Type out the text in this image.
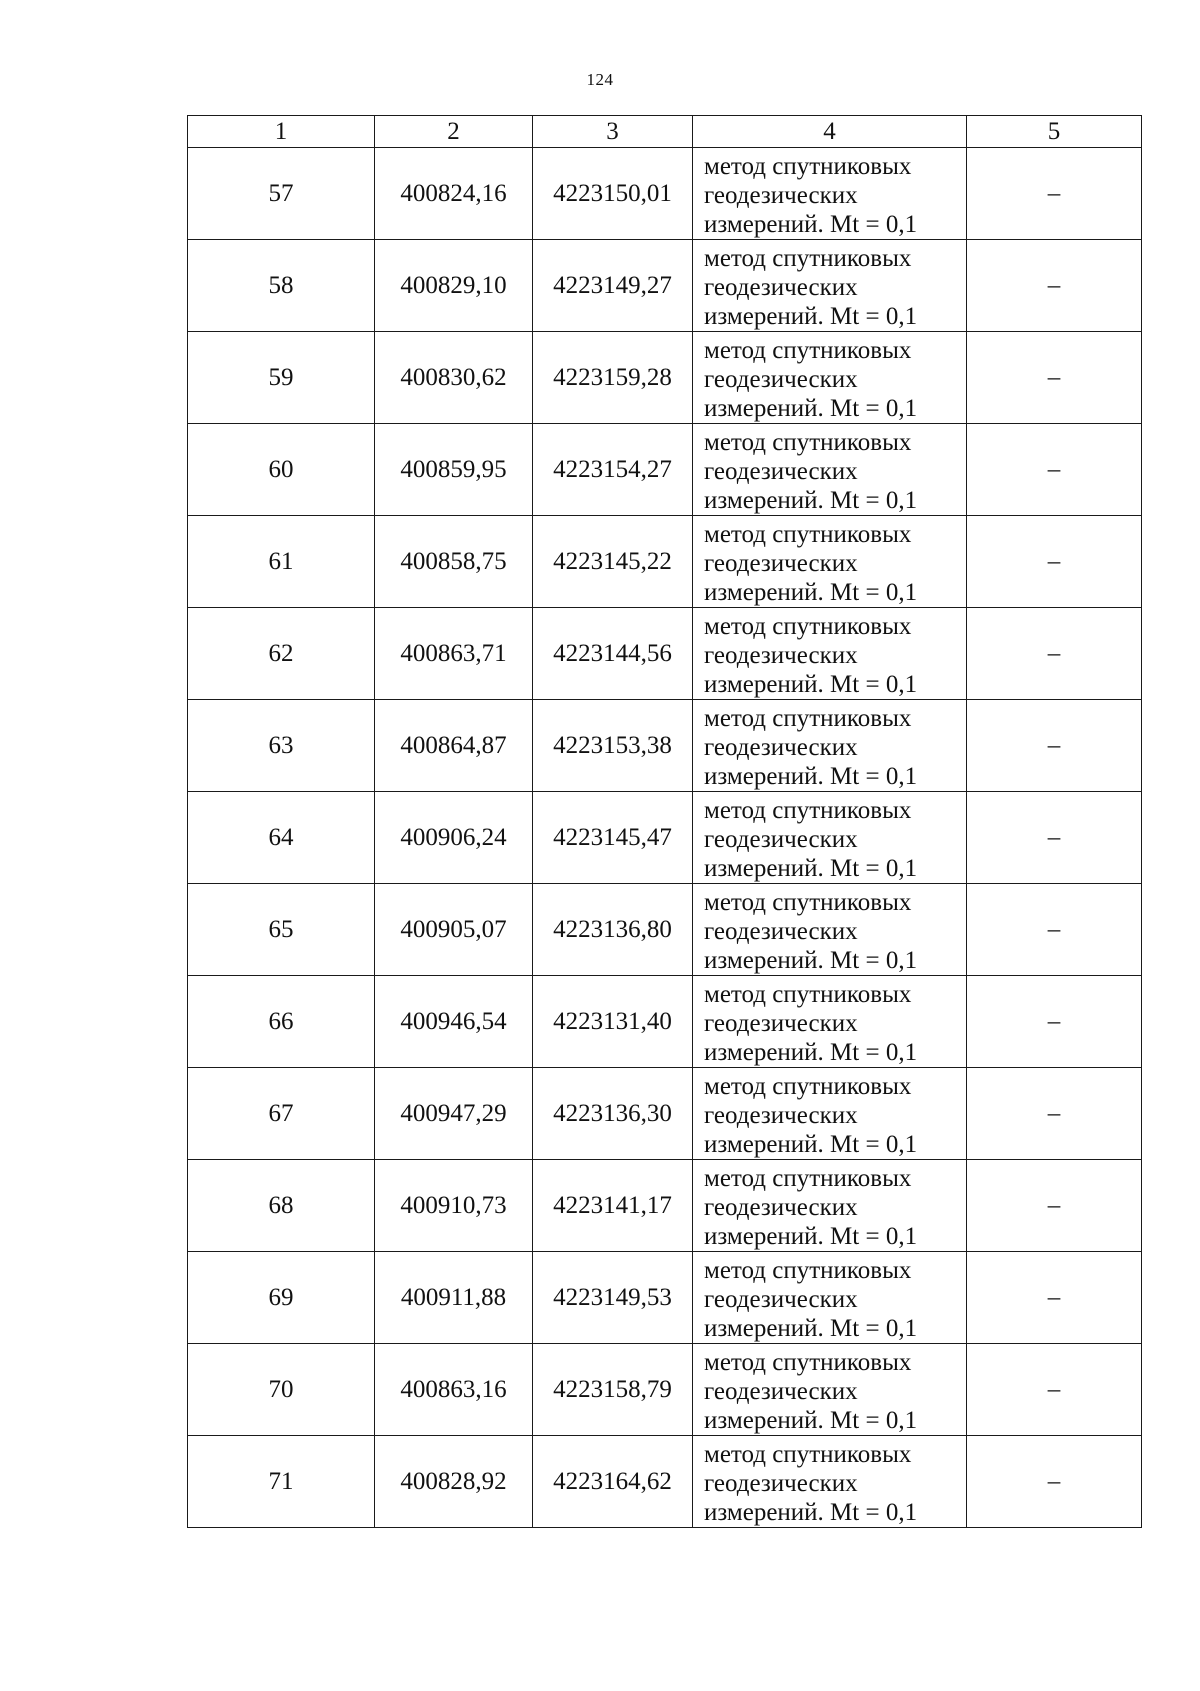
124
1	2	3	4	5
57	400824,16	4223150,01	метод спутниковых
геодезических
измерений. Mt = 0,1	–
58	400829,10	4223149,27	метод спутниковых
геодезических
измерений. Mt = 0,1	–
59	400830,62	4223159,28	метод спутниковых
геодезических
измерений. Mt = 0,1	–
60	400859,95	4223154,27	метод спутниковых
геодезических
измерений. Mt = 0,1	–
61	400858,75	4223145,22	метод спутниковых
геодезических
измерений. Mt = 0,1	–
62	400863,71	4223144,56	метод спутниковых
геодезических
измерений. Mt = 0,1	–
63	400864,87	4223153,38	метод спутниковых
геодезических
измерений. Mt = 0,1	–
64	400906,24	4223145,47	метод спутниковых
геодезических
измерений. Mt = 0,1	–
65	400905,07	4223136,80	метод спутниковых
геодезических
измерений. Mt = 0,1	–
66	400946,54	4223131,40	метод спутниковых
геодезических
измерений. Mt = 0,1	–
67	400947,29	4223136,30	метод спутниковых
геодезических
измерений. Mt = 0,1	–
68	400910,73	4223141,17	метод спутниковых
геодезических
измерений. Mt = 0,1	–
69	400911,88	4223149,53	метод спутниковых
геодезических
измерений. Mt = 0,1	–
70	400863,16	4223158,79	метод спутниковых
геодезических
измерений. Mt = 0,1	–
71	400828,92	4223164,62	метод спутниковых
геодезических
измерений. Mt = 0,1	–
